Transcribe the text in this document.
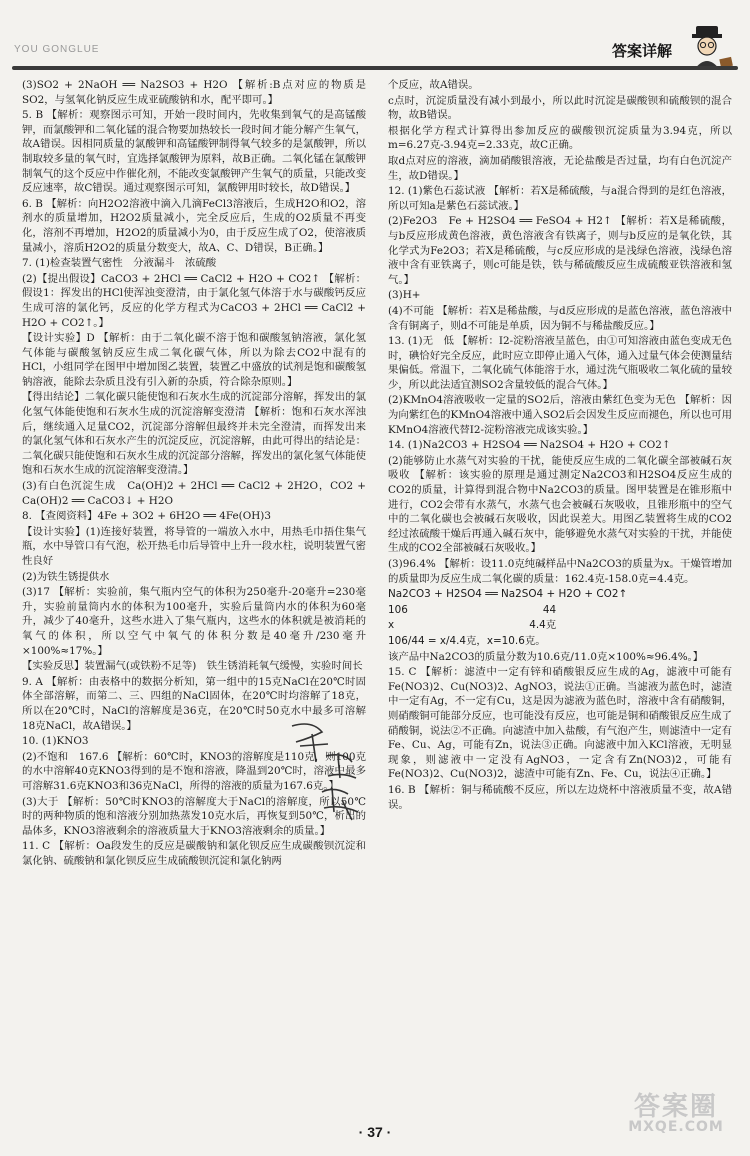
YOU GONGLUE	答案详解

(3)SO2 + 2NaOH ══ Na2SO3 + H2O 【解析:B点对应的物质是SO2，与氢氧化钠反应生成亚硫酸钠和水，配平即可。】

5. B 【解析：观察图示可知，开始一段时间内，先收集到氧气的是高锰酸钾，而氯酸钾和二氧化锰的混合物要加热较长一段时间才能分解产生氧气，故A错误。因相同质量的氯酸钾和高锰酸钾制得氧气较多的是氯酸钾，所以制取较多量的氧气时，宜选择氯酸钾为原料，故B正确。二氧化锰在氯酸钾制氧气的这个反应中作催化剂，不能改变氯酸钾产生氧气的质量，只能改变反应速率，故C错误。通过观察图示可知，氯酸钾用时较长，故D错误。】

6. B 【解析：向H2O2溶液中滴入几滴FeCl3溶液后，生成H2O和O2，溶剂水的质量增加，H2O2质量减小，完全反应后，生成的O2质量不再变化，溶剂不再增加，H2O2的质量减小为0，由于反应生成了O2，使溶液质量减小，溶质H2O2的质量分数变大，故A、C、D错误，B正确。】

7. (1)检查装置气密性　分液漏斗　浓硫酸

(2)【提出假设】CaCO3 + 2HCl ══ CaCl2 + H2O + CO2↑ 【解析：假设1：挥发出的HCl使浑浊变澄清，由于氯化氢气体溶于水与碳酸钙反应生成可溶的氯化钙，反应的化学方程式为CaCO3 + 2HCl ══ CaCl2 + H2O + CO2↑。】

【设计实验】D 【解析：由于二氧化碳不溶于饱和碳酸氢钠溶液，氯化氢气体能与碳酸氢钠反应生成二氧化碳气体，所以为除去CO2中混有的HCl，小组同学在图甲中增加图乙装置，装置乙中盛放的试剂是饱和碳酸氢钠溶液，能除去杂质且没有引入新的杂质，符合除杂原则。】

【得出结论】二氧化碳只能使饱和石灰水生成的沉淀部分溶解，挥发出的氯化氢气体能使饱和石灰水生成的沉淀溶解变澄清 【解析：饱和石灰水浑浊后，继续通入足量CO2，沉淀部分溶解但最终并未完全澄清，而挥发出来的氯化氢气体和石灰水产生的沉淀反应，沉淀溶解，由此可得出的结论是：二氧化碳只能使饱和石灰水生成的沉淀部分溶解，挥发出的氯化氢气体能使饱和石灰水生成的沉淀溶解变澄清。】

(3)有白色沉淀生成　Ca(OH)2 + 2HCl ══ CaCl2 + 2H2O，CO2 + Ca(OH)2 ══ CaCO3↓ + H2O

8. 【查阅资料】4Fe + 3O2 + 6H2O ══ 4Fe(OH)3

【设计实验】(1)连接好装置，将导管的一端放入水中，用热毛巾捂住集气瓶，水中导管口有气泡，松开热毛巾后导管中上升一段水柱，说明装置气密性良好

(2)为铁生锈提供水

(3)17 【解析：实验前，集气瓶内空气的体积为250毫升-20毫升=230毫升，实验前量筒内水的体积为100毫升，实验后量筒内水的体积为60毫升，减少了40毫升，这些水进入了集气瓶内，这些水的体积就是被消耗的氧气的体积，所以空气中氧气的体积分数是40毫升/230毫升×100%≈17%。】

【实验反思】装置漏气(或铁粉不足等)　铁生锈消耗氧气缓慢，实验时间长

9. A 【解析：由表格中的数据分析知，第一组中的15克NaCl在20℃时固体全部溶解，而第二、三、四组的NaCl固体，在20℃时均溶解了18克，所以在20℃时，NaCl的溶解度是36克，在20℃时50克水中最多可溶解18克NaCl，故A错误。】

10. (1)KNO3

(2)不饱和　167.6 【解析：60℃时，KNO3的溶解度是110克，则100克的水中溶解40克KNO3得到的是不饱和溶液，降温到20℃时，溶液中最多可溶解31.6克KNO3和36克NaCl，所得的溶液的质量为167.6克。】

(3)大于 【解析：50℃时KNO3的溶解度大于NaCl的溶解度，所以50℃时的两种物质的饱和溶液分别加热蒸发10克水后，再恢复到50℃，析出的晶体多，KNO3溶液剩余的溶液质量大于KNO3溶液剩余的质量。】

11. C 【解析：Oa段发生的反应是碳酸钠和氯化钡反应生成碳酸钡沉淀和氯化钠、硫酸钠和氯化钡反应生成硫酸钡沉淀和氯化钠两

个反应，故A错误。

c点时，沉淀质量没有减小到最小，所以此时沉淀是碳酸钡和硫酸钡的混合物，故B错误。

根据化学方程式计算得出参加反应的碳酸钡沉淀质量为3.94克，所以m=6.27克-3.94克=2.33克，故C正确。

取d点对应的溶液，滴加硝酸银溶液，无论盐酸是否过量，均有白色沉淀产生，故D错误。】

12. (1)紫色石蕊试液 【解析：若X是稀硫酸，与a混合得到的是红色溶液，所以可知a是紫色石蕊试液。】

(2)Fe2O3　Fe + H2SO4 ══ FeSO4 + H2↑ 【解析：若X是稀硫酸，与b反应形成黄色溶液，黄色溶液含有铁离子，则与b反应的是氧化铁，其化学式为Fe2O3；若X是稀硫酸，与c反应形成的是浅绿色溶液，浅绿色溶液中含有亚铁离子，则c可能是铁，铁与稀硫酸反应生成硫酸亚铁溶液和氢气。】

(3)H+

(4)不可能 【解析：若X是稀盐酸，与d反应形成的是蓝色溶液，蓝色溶液中含有铜离子，则d不可能是单质，因为铜不与稀盐酸反应。】

13. (1)无　低 【解析：I2-淀粉溶液呈蓝色，由①可知溶液由蓝色变成无色时，碘恰好完全反应，此时应立即停止通入气体，通入过量气体会使测量结果偏低。常温下，二氧化硫气体能溶于水，通过洗气瓶吸收二氧化硫的量较少，所以此法适宜测SO2含量较低的混合气体。】

(2)KMnO4溶液吸收一定量的SO2后，溶液由紫红色变为无色 【解析：因为向紫红色的KMnO4溶液中通入SO2后会因发生反应而褪色，所以也可用KMnO4溶液代替I2-淀粉溶液完成该实验。】

14. (1)Na2CO3 + H2SO4 ══ Na2SO4 + H2O + CO2↑

(2)能够防止水蒸气对实验的干扰，能使反应生成的二氧化碳全部被碱石灰吸收 【解析：该实验的原理是通过测定Na2CO3和H2SO4反应生成的CO2的质量，计算得到混合物中Na2CO3的质量。图甲装置是在锥形瓶中进行，CO2会带有水蒸气，水蒸气也会被碱石灰吸收，且锥形瓶中的空气中的二氧化碳也会被碱石灰吸收，因此误差大。用图乙装置将生成的CO2经过浓硫酸干燥后再通入碱石灰中，能够避免水蒸气对实验的干扰，并能使生成的CO2全部被碱石灰吸收。】

(3)96.4% 【解析：设11.0克纯碱样品中Na2CO3的质量为x。干燥管增加的质量即为反应生成二氧化碳的质量：162.4克-158.0克=4.4克。

Na2CO3 + H2SO4 ══ Na2SO4 + H2O + CO2↑

106　　　　　　　　　　　　　44

x　　　　　　　　　　　　　4.4克

106/44 = x/4.4克，x=10.6克。

该产品中Na2CO3的质量分数为10.6克/11.0克×100%≈96.4%。】

15. C 【解析：滤渣中一定有锌和硝酸银反应生成的Ag，滤液中可能有Fe(NO3)2、Cu(NO3)2、AgNO3，说法①正确。当滤液为蓝色时，滤渣中一定有Ag，不一定有Cu，这是因为滤液为蓝色时，溶液中含有硝酸铜，则硝酸铜可能部分反应，也可能没有反应，也可能是铜和硝酸银反应生成了硝酸铜，说法②不正确。向滤渣中加入盐酸，有气泡产生，则滤渣中一定有Fe、Cu、Ag，可能有Zn，说法③正确。向滤液中加入KCl溶液，无明显现象，则滤液中一定没有AgNO3，一定含有Zn(NO3)2，可能有Fe(NO3)2、Cu(NO3)2，滤渣中可能有Zn、Fe、Cu，说法④正确。】

16. B 【解析：铜与稀硫酸不反应，所以左边烧杯中溶液质量不变，故A错误。

· 37 ·
答案圈
MXQE.COM
